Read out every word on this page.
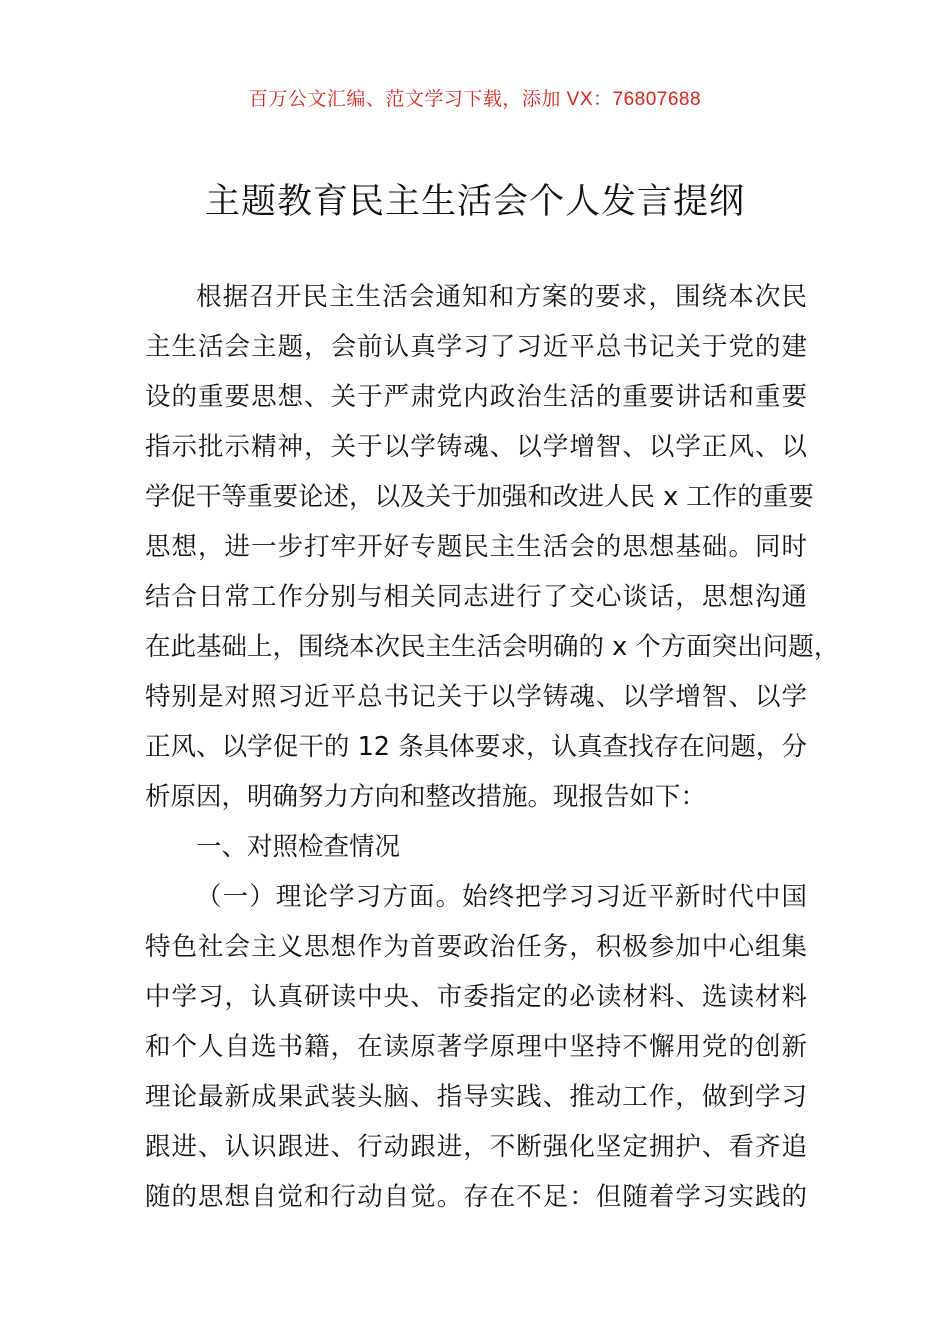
百万公文汇编、范文学习下载，添加 VX：76807688
主题教育民主生活会个人发言提纲
根据召开民主生活会通知和方案的要求，围绕本次民
主生活会主题，会前认真学习了习近平总书记关于党的建
设的重要思想、关于严肃党内政治生活的重要讲话和重要
指示批示精神，关于以学铸魂、以学增智、以学正风、以
学促干等重要论述，以及关于加强和改进人民 x 工作的重要
思想，进一步打牢开好专题民主生活会的思想基础。同时
结合日常工作分别与相关同志进行了交心谈话，思想沟通
在此基础上，围绕本次民主生活会明确的 x 个方面突出问题，
特别是对照习近平总书记关于以学铸魂、以学增智、以学
正风、以学促干的 12 条具体要求，认真查找存在问题，分
析原因，明确努力方向和整改措施。现报告如下：
一、对照检查情况
（一）理论学习方面。始终把学习习近平新时代中国
特色社会主义思想作为首要政治任务，积极参加中心组集
中学习，认真研读中央、市委指定的必读材料、选读材料
和个人自选书籍，在读原著学原理中坚持不懈用党的创新
理论最新成果武装头脑、指导实践、推动工作，做到学习
跟进、认识跟进、行动跟进，不断强化坚定拥护、看齐追
随的思想自觉和行动自觉。存在不足：但随着学习实践的
